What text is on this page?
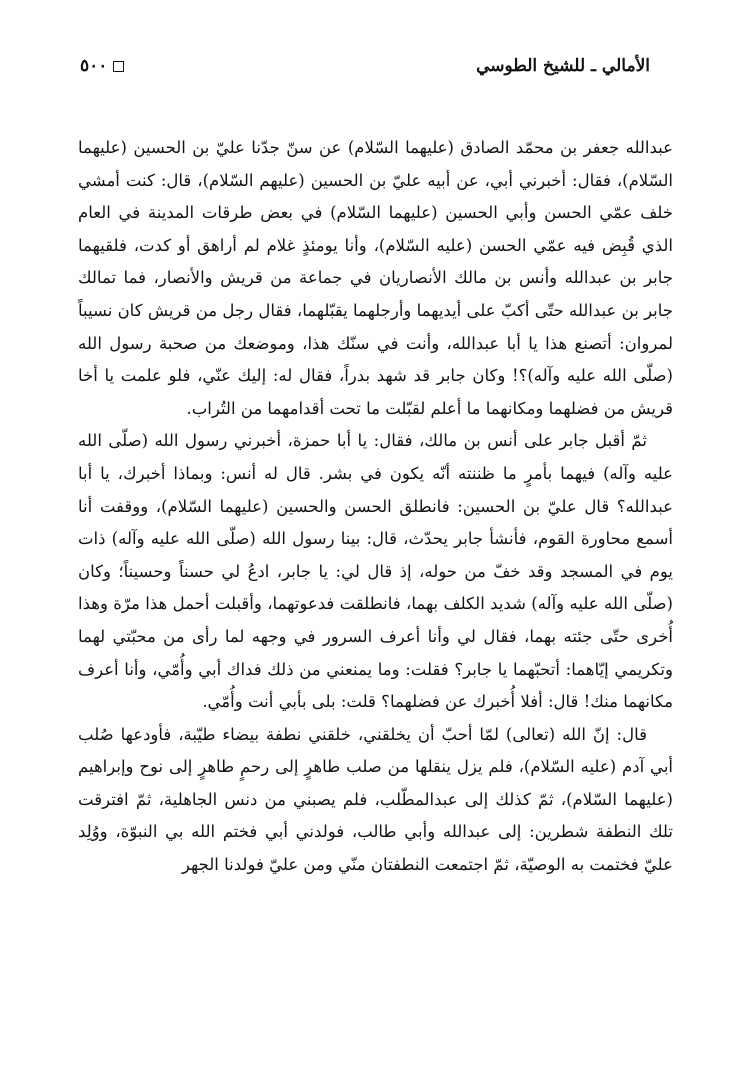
الأمالي ـ للشيخ الطوسي
٥٠٠

عبدالله جعفر بن محمّد الصادق (عليهما السّلام) عن سنّ جدّنا عليّ بن الحسين (عليهما السّلام)، فقال: أخبرني أبي، عن أبيه عليّ بن الحسين (عليهم السّلام)، قال: كنت أمشي خلف عمّي الحسن وأبي الحسين (عليهما السّلام) في بعض طرقات المدينة في العام الذي قُبِض فيه عمّي الحسن (عليه السّلام)، وأنا يومئذٍ غلام لم أراهق أو كدت، فلقيهما جابر بن عبدالله وأنس بن مالك الأنصاريان في جماعة من قريش والأنصار، فما تمالك جابر بن عبدالله حتّى أكبّ على أيديهما وأرجلهما يقبّلهما، فقال رجل من قريش كان نسيباً لمروان: أتصنع هذا يا أبا عبدالله، وأنت في سنّك هذا، وموضعك من صحبة رسول الله (صلّى الله عليه وآله)؟! وكان جابر قد شهد بدراً، فقال له: إليك عنّي، فلو علمت يا أخا قريش من فضلهما ومكانهما ما أعلم لقبّلت ما تحت أقدامهما من التُراب.

ثمّ أقبل جابر على أنس بن مالك، فقال: يا أبا حمزة، أخبرني رسول الله (صلّى الله عليه وآله) فيهما بأمرٍ ما ظننته أنّه يكون في بشر. قال له أنس: وبماذا أخبرك، يا أبا عبدالله؟ قال عليّ بن الحسين: فانطلق الحسن والحسين (عليهما السّلام)، ووقفت أنا أسمع محاورة القوم، فأنشأ جابر يحدّث، قال: بينا رسول الله (صلّى الله عليه وآله) ذات يوم في المسجد وقد خفّ من حوله، إذ قال لي: يا جابر، ادعُ لي حسناً وحسيناً؛ وكان (صلّى الله عليه وآله) شديد الكلف بهما، فانطلقت فدعوتهما، وأقبلت أحمل هذا مرّة وهذا أُخرى حتّى جئته بهما، فقال لي وأنا أعرف السرور في وجهه لما رأى من محبّتي لهما وتكريمي إيّاهما: أتحبّهما يا جابر؟ فقلت: وما يمنعني من ذلك فداك أبي وأُمّي، وأنا أعرف مكانهما منك! قال: أفلا أُخبرك عن فضلهما؟ قلت: بلى بأبي أنت وأُمّي.

قال: إنّ الله (تعالى) لمّا أحبّ أن يخلقني، خلقني نطفة بيضاء طيّبة، فأودعها صُلب أبي آدم (عليه السّلام)، فلم يزل ينقلها من صلب طاهرٍ إلى رحمٍ طاهرٍ إلى نوح وإبراهيم (عليهما السّلام)، ثمّ كذلك إلى عبدالمطّلب، فلم يصبني من دنس الجاهلية، ثمّ افترقت تلك النطفة شطرين: إلى عبدالله وأبي طالب، فولدني أبي فختم الله بي النبوّة، ووُلِد عليّ فختمت به الوصيّة، ثمّ اجتمعت النطفتان منّي ومن عليّ فولدنا الجهر
